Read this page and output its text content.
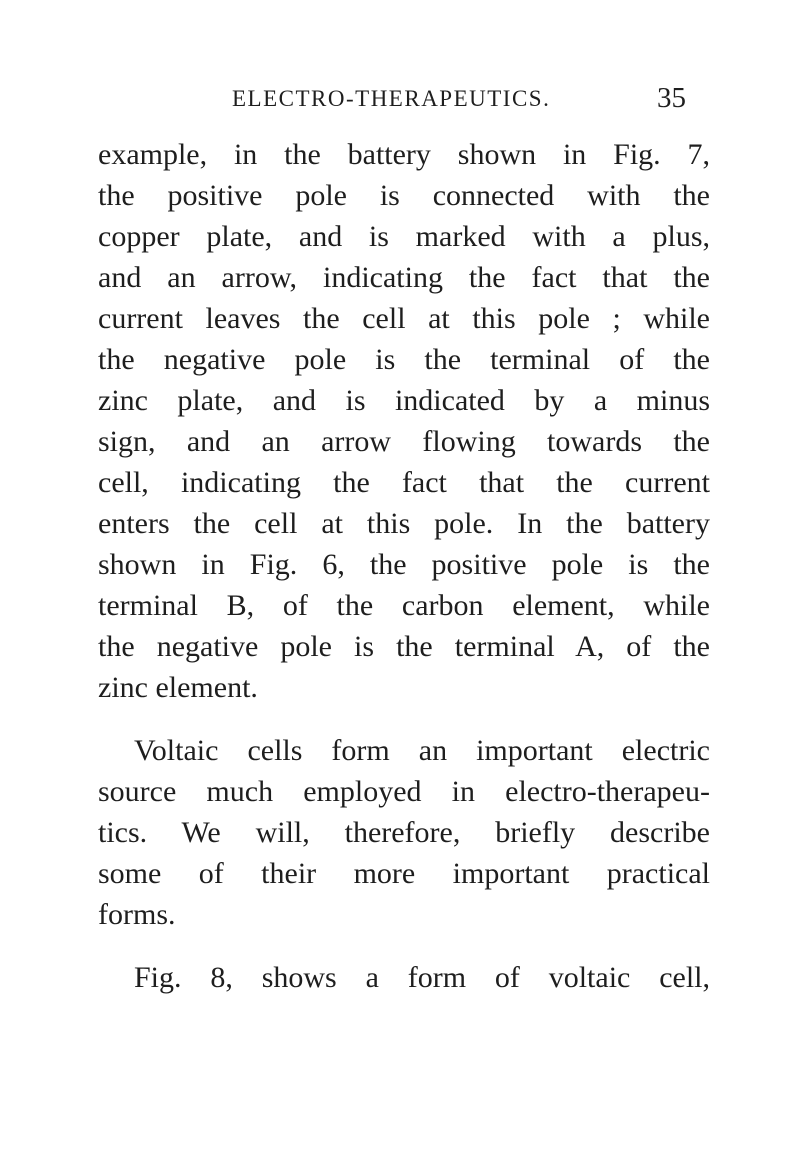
ELECTRO-THERAPEUTICS.	35
example, in the battery shown in Fig. 7,
the positive pole is connected with the
copper plate, and is marked with a plus,
and an arrow, indicating the fact that the
current leaves the cell at this pole ; while
the negative pole is the terminal of the
zinc plate, and is indicated by a minus
sign, and an arrow flowing towards the
cell, indicating the fact that the current
enters the cell at this pole. In the battery
shown in Fig. 6, the positive pole is the
terminal B, of the carbon element, while
the negative pole is the terminal A, of the
zinc element.
Voltaic cells form an important electric
source much employed in electro-therapeu-
tics. We will, therefore, briefly describe
some of their more important practical
forms.
Fig. 8, shows a form of voltaic cell,
